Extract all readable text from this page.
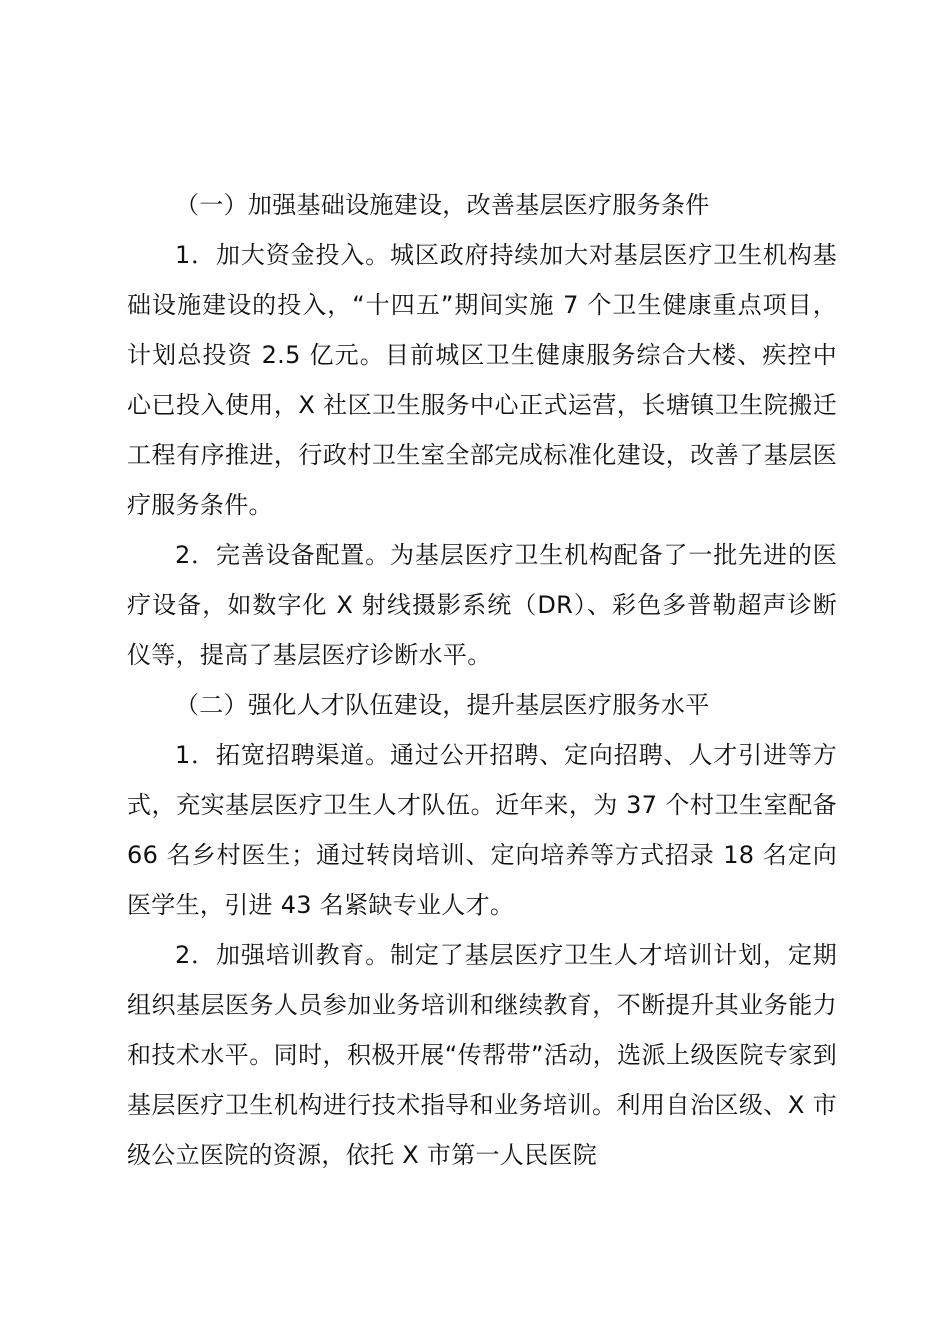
（一）加强基础设施建设，改善基层医疗服务条件

1．加大资金投入。城区政府持续加大对基层医疗卫生机构基础设施建设的投入，“十四五”期间实施 7 个卫生健康重点项目，计划总投资 2.5 亿元。目前城区卫生健康服务综合大楼、疾控中心已投入使用，X 社区卫生服务中心正式运营，长塘镇卫生院搬迁工程有序推进，行政村卫生室全部完成标准化建设，改善了基层医疗服务条件。

2．完善设备配置。为基层医疗卫生机构配备了一批先进的医疗设备，如数字化 X 射线摄影系统（DR）、彩色多普勒超声诊断仪等，提高了基层医疗诊断水平。

（二）强化人才队伍建设，提升基层医疗服务水平

1．拓宽招聘渠道。通过公开招聘、定向招聘、人才引进等方式，充实基层医疗卫生人才队伍。近年来，为 37 个村卫生室配备 66 名乡村医生；通过转岗培训、定向培养等方式招录 18 名定向医学生，引进 43 名紧缺专业人才。

2．加强培训教育。制定了基层医疗卫生人才培训计划，定期组织基层医务人员参加业务培训和继续教育，不断提升其业务能力和技术水平。同时，积极开展“传帮带”活动，选派上级医院专家到基层医疗卫生机构进行技术指导和业务培训。利用自治区级、X 市级公立医院的资源，依托 X 市第一人民医院
